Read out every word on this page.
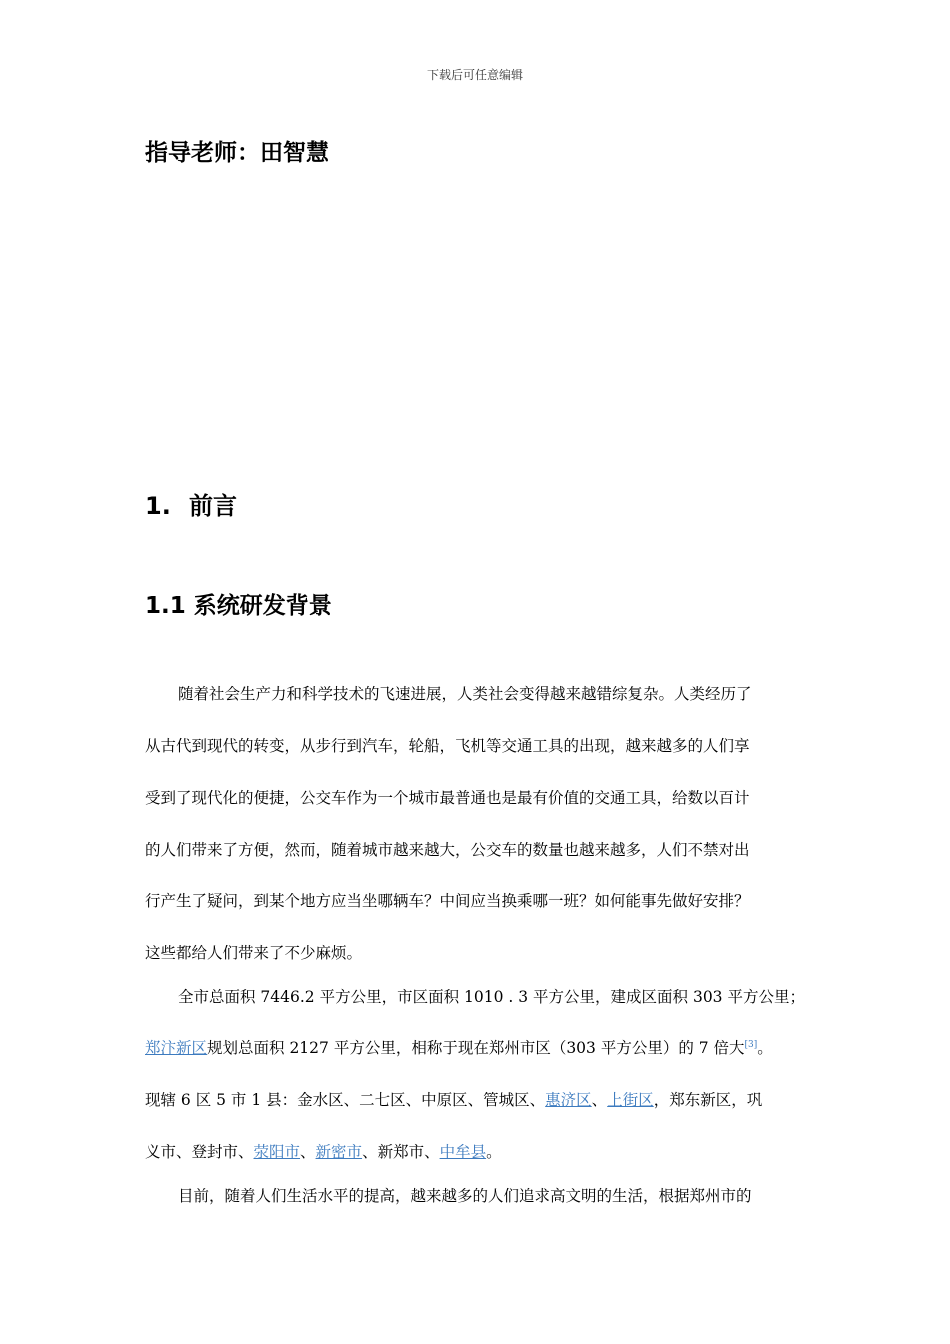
下载后可任意编辑
指导老师：田智慧
1. 前言
1.1 系统研发背景

随着社会生产力和科学技术的飞速进展，人类社会变得越来越错综复杂。人类经历了

从古代到现代的转变，从步行到汽车，轮船，飞机等交通工具的出现，越来越多的人们享

受到了现代化的便捷，公交车作为一个城市最普通也是最有价值的交通工具，给数以百计

的人们带来了方便，然而，随着城市越来越大，公交车的数量也越来越多，人们不禁对出

行产生了疑问，到某个地方应当坐哪辆车？中间应当换乘哪一班？如何能事先做好安排？

这些都给人们带来了不少麻烦。

全市总面积 7446.2 平方公里，市区面积 1010 . 3 平方公里，建成区面积 303 平方公里；

郑汴新区规划总面积 2127 平方公里，相称于现在郑州市区（303 平方公里）的 7 倍大[3]。

现辖 6 区 5 市 1 县：金水区、二七区、中原区、管城区、惠济区、上街区，郑东新区，巩

义市、登封市、荥阳市、新密市、新郑市、中牟县。

目前，随着人们生活水平的提高，越来越多的人们追求高文明的生活，根据郑州市的
